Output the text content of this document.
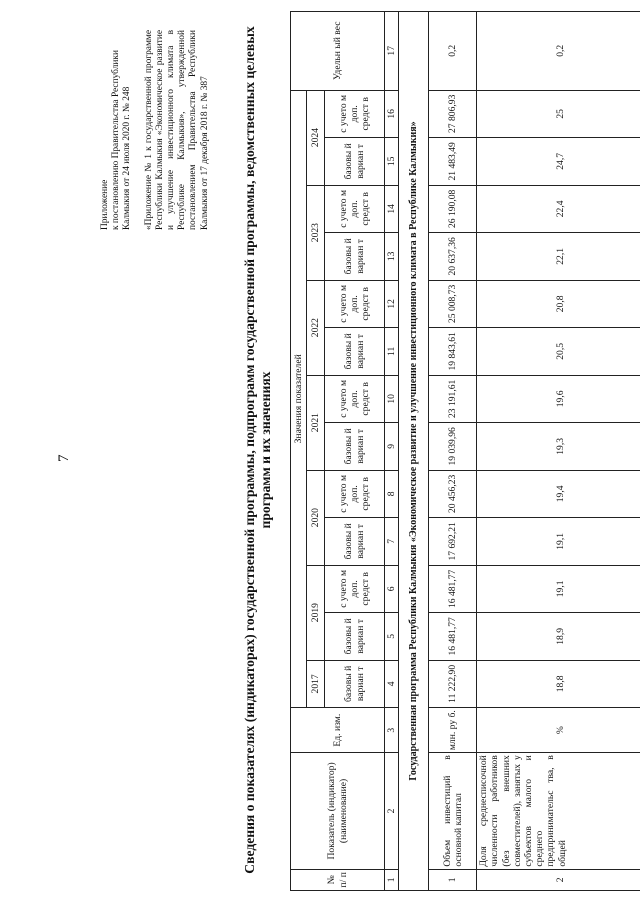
7
Приложение к постановлению Правительства Республики Калмыкия от 24 июля 2020 г. № 248 «Приложение № 1 к государственной программе Республики Калмыкия «Экономическое развитие и улучшение инвестиционного климата в Республике Калмыкия», утвержденной постановлением Правительства Республики Калмыкия от 17 декабря 2018 г. № 387 Сведения о показателях (индикаторах) государственной программы, подпрограмм государственной программы, ведомственных целевых программ и их значениях
№ п/ п	Показатель (индикатор) (наименование)	Ед. изм.	Значения показателей													Удельн ый вес
			2017	2019		2020		2021		2022		2023		2024		
			базовы й вариан т	базовы й вариан т	с учето м доп. средст в	базовы й вариан т	с учето м доп. средст в	базовы й вариан т	с учето м доп. средст в	базовы й вариан т	с учето м доп. средст в	базовы й вариан т	с учето м доп. средст в	базовы й вариан т	с учето м доп. средст в	
1	2	3	4	5	6	7	8	9	10	11	12	13	14	15	16	17
Государственная программа Республики Калмыкия «Экономическое развитие и улучшение инвестиционного климата в Республике Калмыкия»																
1	Объем инвестиций в основной капитал	млн. ру б.	11 222,90	16 481,77	16 481,77	17 692,21	20 456,23	19 039,96	23 191,61	19 843,61	25 008,73	20 637,36	26 190,08	21 483,49	27 806,93	0,2
2	Доля среднесписочной численности работников (без внешних совместителей), занятых у субъектов малого и среднего предпринимательс тва, в общей	%	18,8	18,9	19,1	19,1	19,4	19,3	19,6	20,5	20,8	22,1	22,4	24,7	25	0,2
